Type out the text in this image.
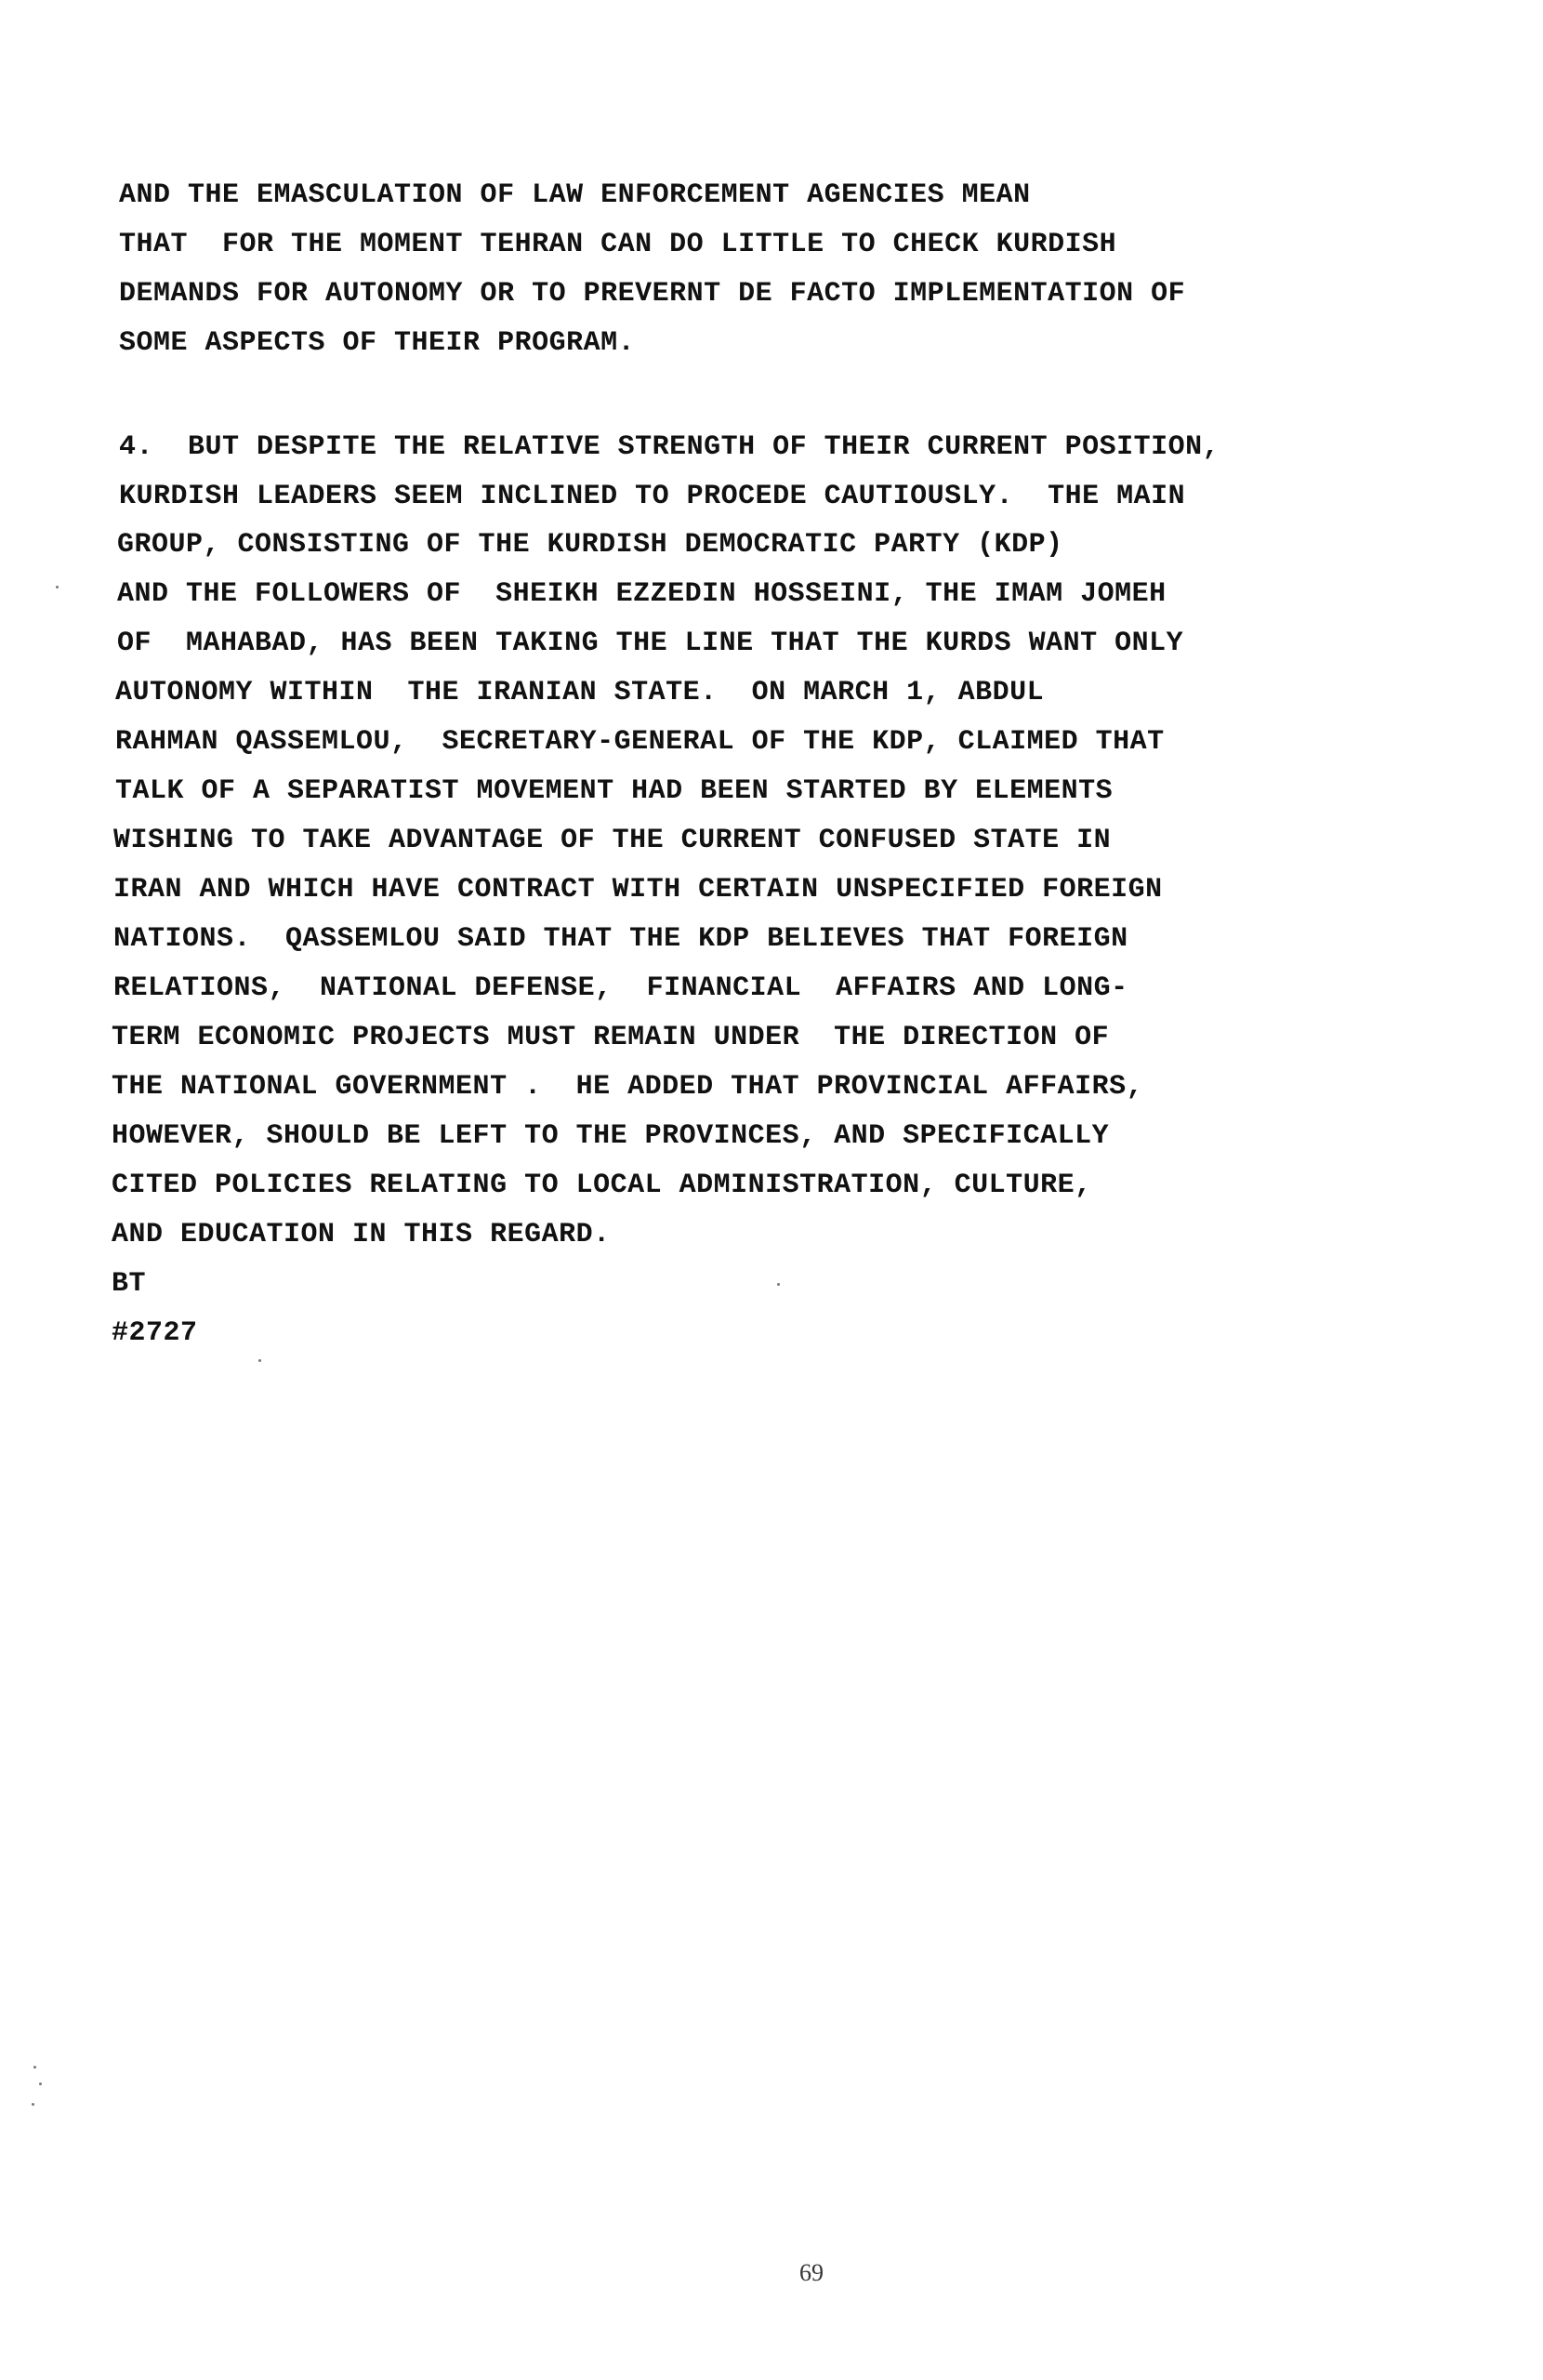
AND THE EMASCULATION OF LAW ENFORCEMENT AGENCIES MEAN
THAT  FOR THE MOMENT TEHRAN CAN DO LITTLE TO CHECK KURDISH
DEMANDS FOR AUTONOMY OR TO PREVERNT DE FACTO IMPLEMENTATION OF
SOME ASPECTS OF THEIR PROGRAM.
4.  BUT DESPITE THE RELATIVE STRENGTH OF THEIR CURRENT POSITION,
KURDISH LEADERS SEEM INCLINED TO PROCEDE CAUTIOUSLY.  THE MAIN
GROUP, CONSISTING OF THE KURDISH DEMOCRATIC PARTY (KDP)
AND THE FOLLOWERS OF  SHEIKH EZZEDIN HOSSEINI, THE IMAM JOMEH
OF  MAHABAD, HAS BEEN TAKING THE LINE THAT THE KURDS WANT ONLY
AUTONOMY WITHIN  THE IRANIAN STATE.  ON MARCH 1, ABDUL
RAHMAN QASSEMLOU,  SECRETARY-GENERAL OF THE KDP, CLAIMED THAT
TALK OF A SEPARATIST MOVEMENT HAD BEEN STARTED BY ELEMENTS
WISHING TO TAKE ADVANTAGE OF THE CURRENT CONFUSED STATE IN
IRAN AND WHICH HAVE CONTRACT WITH CERTAIN UNSPECIFIED FOREIGN
NATIONS.  QASSEMLOU SAID THAT THE KDP BELIEVES THAT FOREIGN
RELATIONS,  NATIONAL DEFENSE,  FINANCIAL  AFFAIRS AND LONG-
TERM ECONOMIC PROJECTS MUST REMAIN UNDER  THE DIRECTION OF
THE NATIONAL GOVERNMENT .  HE ADDED THAT PROVINCIAL AFFAIRS,
HOWEVER, SHOULD BE LEFT TO THE PROVINCES, AND SPECIFICALLY
CITED POLICIES RELATING TO LOCAL ADMINISTRATION, CULTURE,
AND EDUCATION IN THIS REGARD.
BT
#2727
69
